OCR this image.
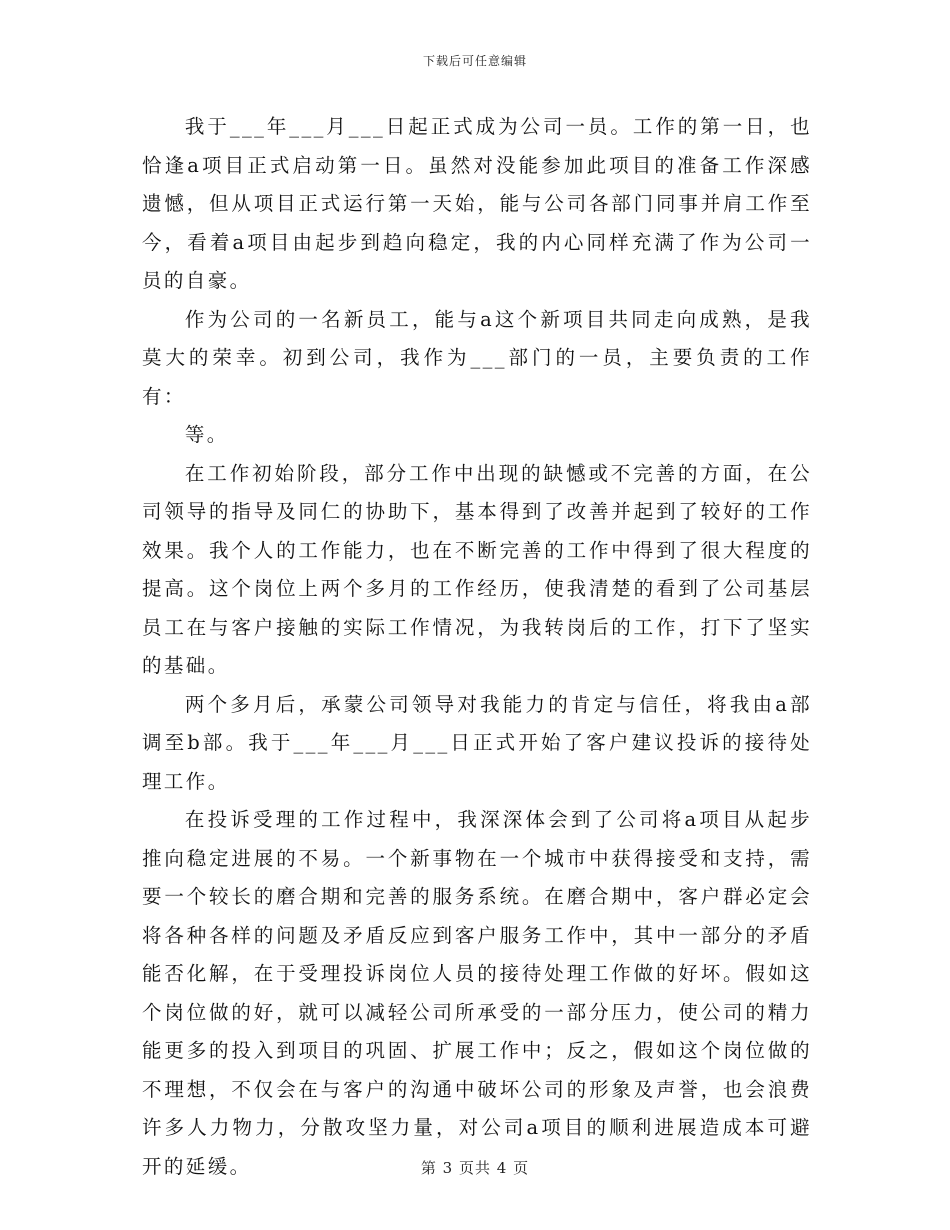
下载后可任意编辑

我于___年___月___日起正式成为公司一员。工作的第一日，也恰逢a项目正式启动第一日。虽然对没能参加此项目的准备工作深感遗憾，但从项目正式运行第一天始，能与公司各部门同事并肩工作至今，看着a项目由起步到趋向稳定，我的内心同样充满了作为公司一员的自豪。

作为公司的一名新员工，能与a这个新项目共同走向成熟，是我莫大的荣幸。初到公司，我作为___部门的一员，主要负责的工作有：

等。

在工作初始阶段，部分工作中出现的缺憾或不完善的方面，在公司领导的指导及同仁的协助下，基本得到了改善并起到了较好的工作效果。我个人的工作能力，也在不断完善的工作中得到了很大程度的提高。这个岗位上两个多月的工作经历，使我清楚的看到了公司基层员工在与客户接触的实际工作情况，为我转岗后的工作，打下了坚实的基础。

两个多月后，承蒙公司领导对我能力的肯定与信任，将我由a部调至b部。我于___年___月___日正式开始了客户建议投诉的接待处理工作。

在投诉受理的工作过程中，我深深体会到了公司将a项目从起步推向稳定进展的不易。一个新事物在一个城市中获得接受和支持，需要一个较长的磨合期和完善的服务系统。在磨合期中，客户群必定会将各种各样的问题及矛盾反应到客户服务工作中，其中一部分的矛盾能否化解，在于受理投诉岗位人员的接待处理工作做的好坏。假如这个岗位做的好，就可以减轻公司所承受的一部分压力，使公司的精力能更多的投入到项目的巩固、扩展工作中；反之，假如这个岗位做的不理想，不仅会在与客户的沟通中破坏公司的形象及声誉，也会浪费许多人力物力，分散攻坚力量，对公司a项目的顺利进展造成本可避开的延缓。	第 3 页共 4 页
